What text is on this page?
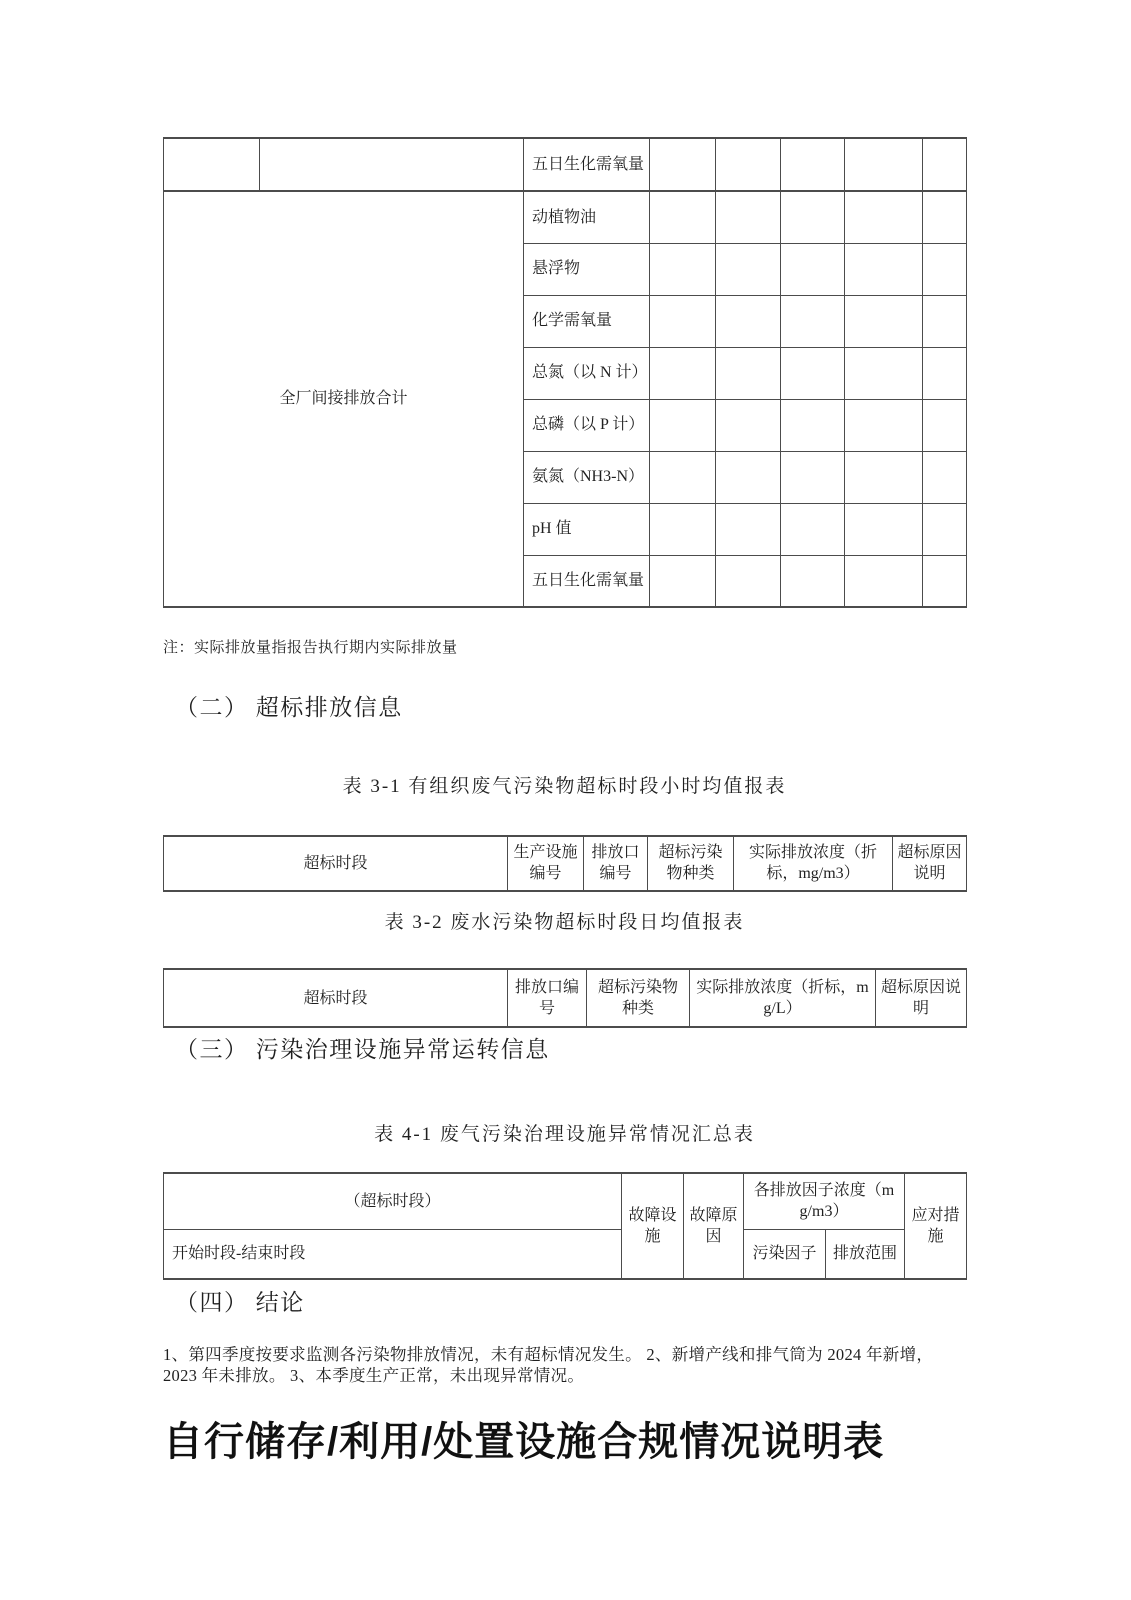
		五日生化需氧量					
全厂间接排放合计		动植物油					
		悬浮物					
		化学需氧量					
		总氮（以 N 计）					
		总磷（以 P 计）					
		氨氮（NH3-N）					
		pH 值					
		五日生化需氧量					

注：实际排放量指报告执行期内实际排放量

（二） 超标排放信息

表 3-1 有组织废气污染物超标时段小时均值报表

超标时段	生产设施编号	排放口编号	超标污染物种类	实际排放浓度（折标，mg/m3）	超标原因说明

表 3-2 废水污染物超标时段日均值报表

超标时段	排放口编号	超标污染物种类	实际排放浓度（折标，mg/L）	超标原因说明
（三） 污染治理设施异常运转信息

表 4-1 废气污染治理设施异常情况汇总表

（超标时段）	故障设施	故障原因	各排放因子浓度（mg/m3）		应对措施
开始时段-结束时段			污染因子	排放范围	
（四） 结论

1、第四季度按要求监测各污染物排放情况，未有超标情况发生。 2、新增产线和排气筒为 2024 年新增，2023 年未排放。 3、本季度生产正常，未出现异常情况。

自行储存/利用/处置设施合规情况说明表
